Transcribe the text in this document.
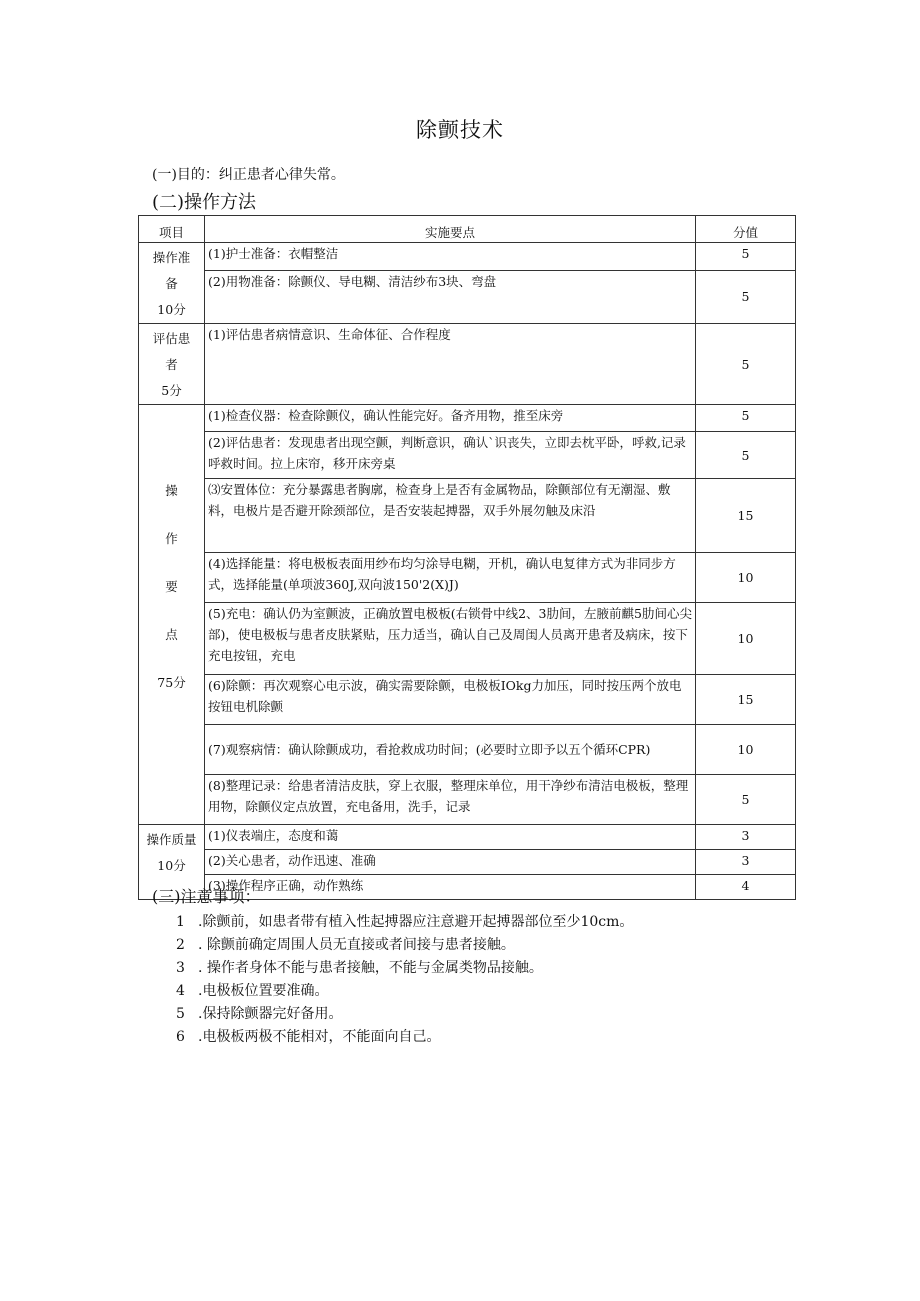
除颤技术
(一)目的：纠正患者心律失常。
(二)操作方法
项目	实施要点	分值

操作准
备
10分	(1)护士准备：衣帽整洁	5
	(2)用物准备：除颤仪、导电糊、清洁纱布3块、弯盘	5

评估患
者
5分	(1)评估患者病情意识、生命体征、合作程度	5

操
作
要
点
75分	(1)检查仪器：检查除颤仪，确认性能完好。备齐用物，推至床旁	5
	(2)评估患者：发现患者出现空颤，判断意识，确认`识丧失，立即去枕平卧，呼救,记录呼救时间。拉上床帘，移开床旁桌	5
	⑶安置体位：充分暴露患者胸廓，检查身上是否有金属物品，除颤部位有无潮湿、敷料，电极片是否避开除颈部位，是否安装起搏器，双手外展勿触及床沿	15
	(4)选择能量：将电极板表面用纱布均匀涂导电糊，开机，确认电复律方式为非同步方式，选择能量(单项波360J,双向波150'2(X)J)	10
	(5)充电：确认仍为室颤波，正确放置电极板(右锁骨中线2、3肋间，左腋前麒5肋间心尖部)，使电极板与患者皮肤紧贴，压力适当，确认自己及周闺人员离开患者及病床，按下充电按钮，充电	10
	(6)除颤：再次观察心电示波，确实需要除颤，电极板IOkg力加压，同时按压两个放电按钮电机除颤	15
	(7)观察病情：确认除颤成功，看抢救成功时间；(必要时立即予以五个循环CPR)	10
	(8)整理记录：给患者清洁皮肤，穿上衣服，整理床单位，用干净纱布清洁电极板，整理用物，除颤仪定点放置，充电备用，洗手，记录	5

操作质量
10分	(1)仪表端庄，态度和蔼	3
	(2)关心患者，动作迅速、准确	3
	(3)操作程序正确，动作熟练	4
(三)注意事项：
1 .除颤前，如患者带有植入性起搏器应注意避开起搏器部位至少10cm。
2 . 除颤前确定周围人员无直接或者间接与患者接触。
3 . 操作者身体不能与患者接触，不能与金属类物品接触。
4 .电极板位置要准确。
5 .保持除颤器完好备用。
6 .电极板两极不能相对，不能面向自己。
